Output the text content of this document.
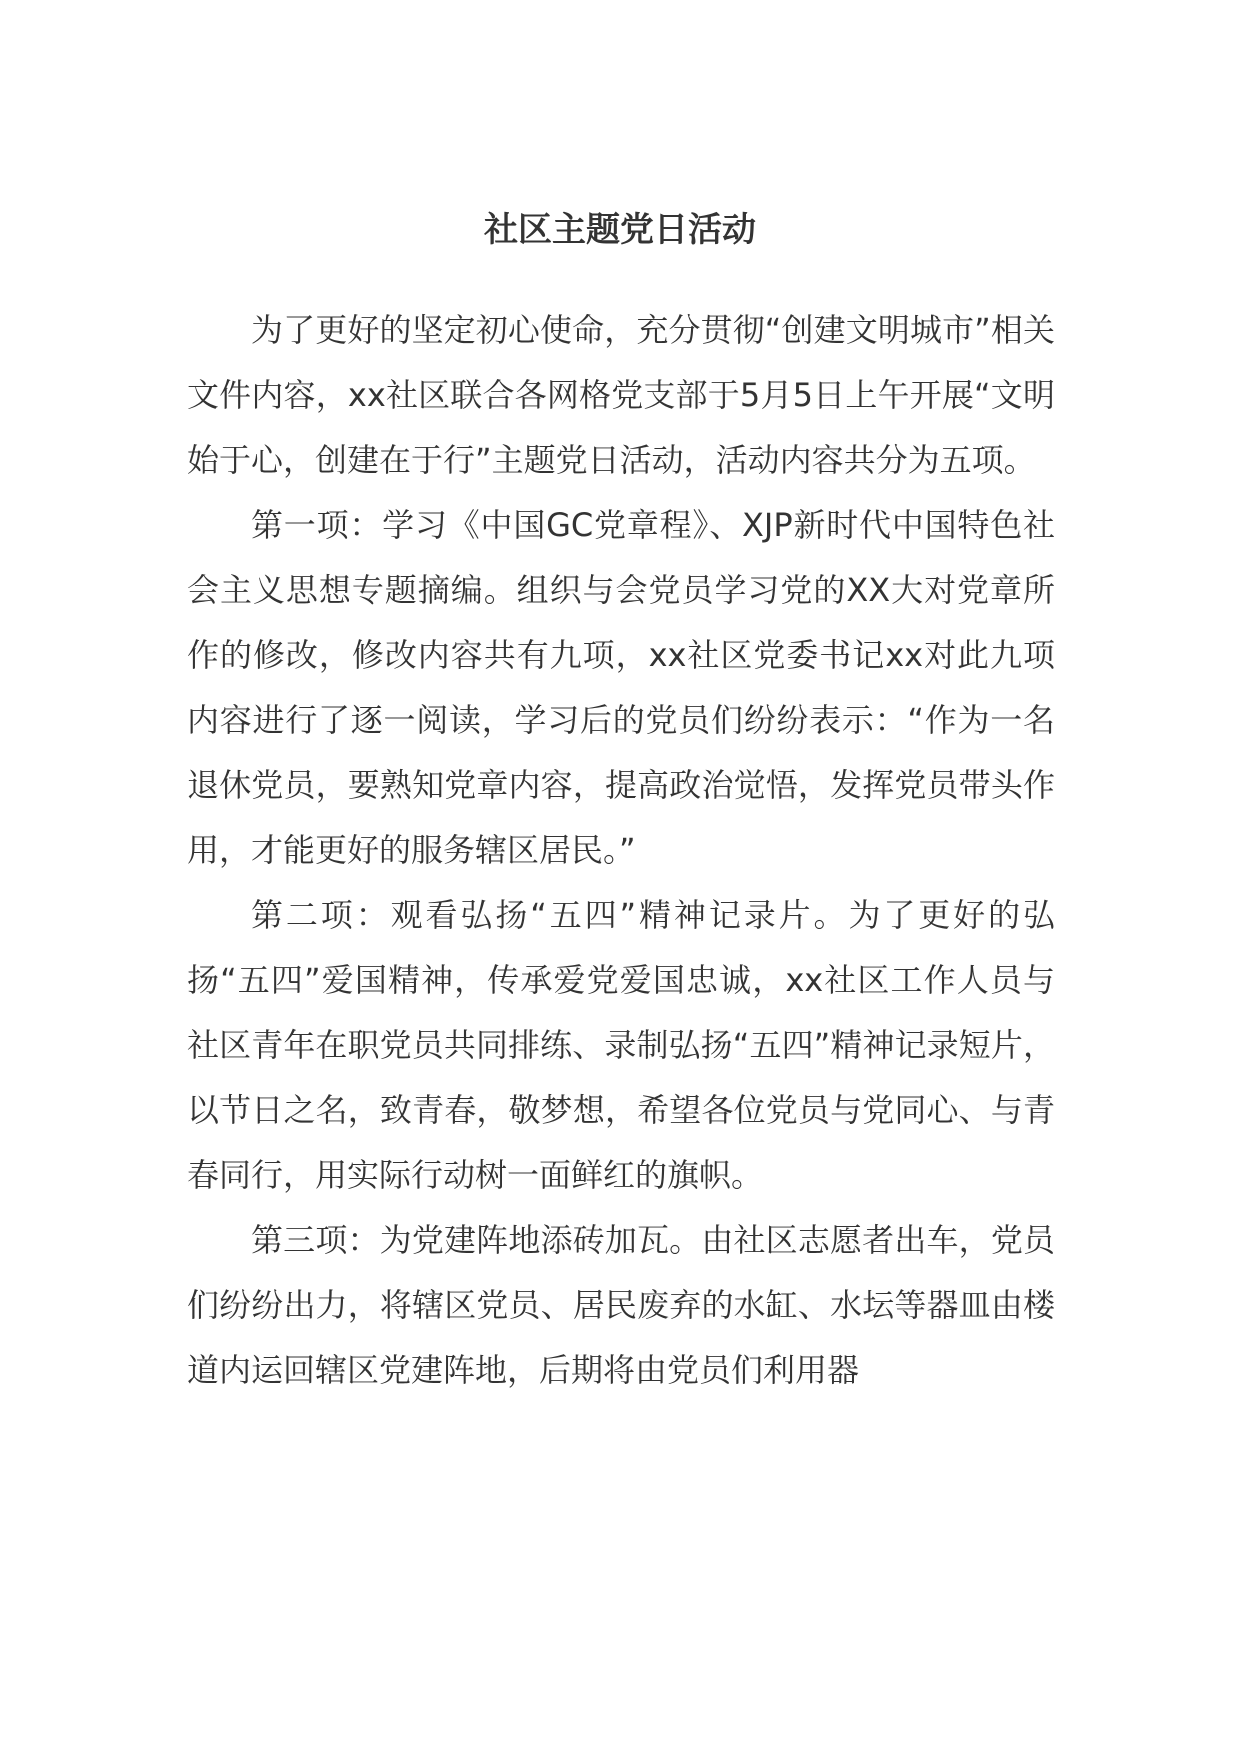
社区主题党日活动

为了更好的坚定初心使命，充分贯彻“创建文明城市”相关文件内容，xx社区联合各网格党支部于5月5日上午开展“文明始于心，创建在于行”主题党日活动，活动内容共分为五项。

第一项：学习《中国GC党章程》、XJP新时代中国特色社会主义思想专题摘编。组织与会党员学习党的XX大对党章所作的修改，修改内容共有九项，xx社区党委书记xx对此九项内容进行了逐一阅读，学习后的党员们纷纷表示：“作为一名退休党员，要熟知党章内容，提高政治觉悟，发挥党员带头作用，才能更好的服务辖区居民。”

第二项：观看弘扬“五四”精神记录片。为了更好的弘扬“五四”爱国精神，传承爱党爱国忠诚，xx社区工作人员与社区青年在职党员共同排练、录制弘扬“五四”精神记录短片，以节日之名，致青春，敬梦想，希望各位党员与党同心、与青春同行，用实际行动树一面鲜红的旗帜。

第三项：为党建阵地添砖加瓦。由社区志愿者出车，党员们纷纷出力，将辖区党员、居民废弃的水缸、水坛等器皿由楼道内运回辖区党建阵地，后期将由党员们利用器
